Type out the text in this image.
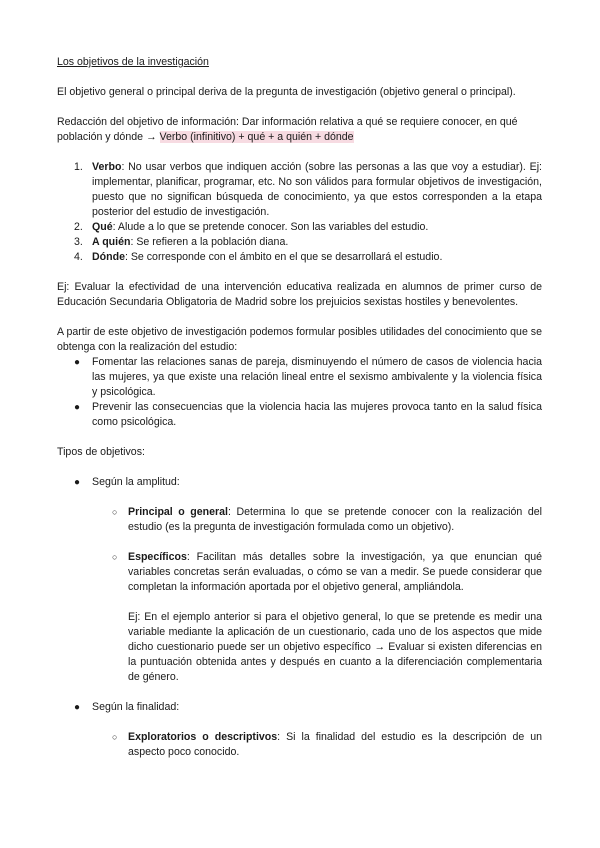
Los objetivos de la investigación

El objetivo general o principal deriva de la pregunta de investigación (objetivo general o principal).

Redacción del objetivo de información: Dar información relativa a qué se requiere conocer, en qué población y dónde → Verbo (infinitivo) + qué + a quién + dónde

1. Verbo: No usar verbos que indiquen acción (sobre las personas a las que voy a estudiar). Ej: implementar, planificar, programar, etc. No son válidos para formular objetivos de investigación, puesto que no significan búsqueda de conocimiento, ya que estos corresponden a la etapa posterior del estudio de investigación.
2. Qué: Alude a lo que se pretende conocer. Son las variables del estudio.
3. A quién: Se refieren a la población diana.
4. Dónde: Se corresponde con el ámbito en el que se desarrollará el estudio.

Ej: Evaluar la efectividad de una intervención educativa realizada en alumnos de primer curso de Educación Secundaria Obligatoria de Madrid sobre los prejuicios sexistas hostiles y benevolentes.

A partir de este objetivo de investigación podemos formular posibles utilidades del conocimiento que se obtenga con la realización del estudio:

● Fomentar las relaciones sanas de pareja, disminuyendo el número de casos de violencia hacia las mujeres, ya que existe una relación lineal entre el sexismo ambivalente y la violencia física y psicológica.
● Prevenir las consecuencias que la violencia hacia las mujeres provoca tanto en la salud física como psicológica.

Tipos de objetivos:

● Según la amplitud:
○ Principal o general: Determina lo que se pretende conocer con la realización del estudio (es la pregunta de investigación formulada como un objetivo).
○ Específicos: Facilitan más detalles sobre la investigación, ya que enuncian qué variables concretas serán evaluadas, o cómo se van a medir. Se puede considerar que completan la información aportada por el objetivo general, ampliándola.

Ej: En el ejemplo anterior si para el objetivo general, lo que se pretende es medir una variable mediante la aplicación de un cuestionario, cada uno de los aspectos que mide dicho cuestionario puede ser un objetivo específico → Evaluar si existen diferencias en la puntuación obtenida antes y después en cuanto a la diferenciación complementaria de género.

● Según la finalidad:
○ Exploratorios o descriptivos: Si la finalidad del estudio es la descripción de un aspecto poco conocido.
